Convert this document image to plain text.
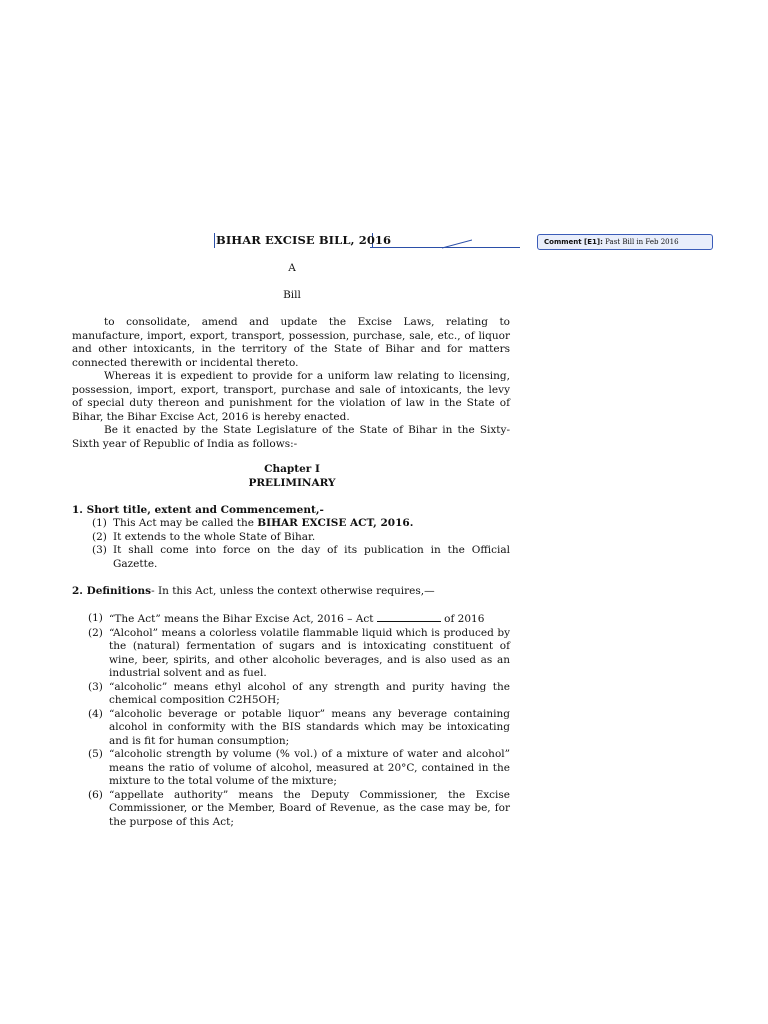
Comment [E1]: Past Bill in Feb 2016
BIHAR EXCISE BILL, 2016
A
Bill
to consolidate, amend and update the Excise Laws, relating to manufacture, import, export, transport, possession, purchase, sale, etc., of liquor and other intoxicants, in the territory of the State of Bihar and for matters connected therewith or incidental thereto.
Whereas it is expedient to provide for a uniform law relating to licensing, possession, import, export, transport, purchase and sale of intoxicants, the levy of special duty thereon and punishment for the violation of law in the State of Bihar, the Bihar Excise Act, 2016 is hereby enacted.
Be it enacted by the State Legislature of the State of Bihar in the Sixty-Sixth year of Republic of India as follows:-
Chapter I
PRELIMINARY
1. Short title, extent and Commencement,-
(1) This Act may be called the BIHAR EXCISE ACT, 2016.
(2) It extends to the whole State of Bihar.
(3) It shall come into force on the day of its publication in the Official Gazette.
2. Definitions- In this Act, unless the context otherwise requires,—
(1) “The Act” means the Bihar Excise Act, 2016 – Act	of 2016
(2) “Alcohol” means a colorless volatile flammable liquid which is produced by the (natural) fermentation of sugars and is intoxicating constituent of wine, beer, spirits, and other alcoholic beverages, and is also used as an industrial solvent and as fuel.
(3) “alcoholic” means ethyl alcohol of any strength and purity having the chemical composition C2H5OH;
(4) “alcoholic beverage or potable liquor” means any beverage containing alcohol in conformity with the BIS standards which may be intoxicating and is fit for human consumption;
(5) “alcoholic strength by volume (% vol.) of a mixture of water and alcohol” means the ratio of volume of alcohol, measured at 20°C, contained in the mixture to the total volume of the mixture;
(6) “appellate authority” means the Deputy Commissioner, the Excise Commissioner, or the Member, Board of Revenue, as the case may be, for the purpose of this Act;
